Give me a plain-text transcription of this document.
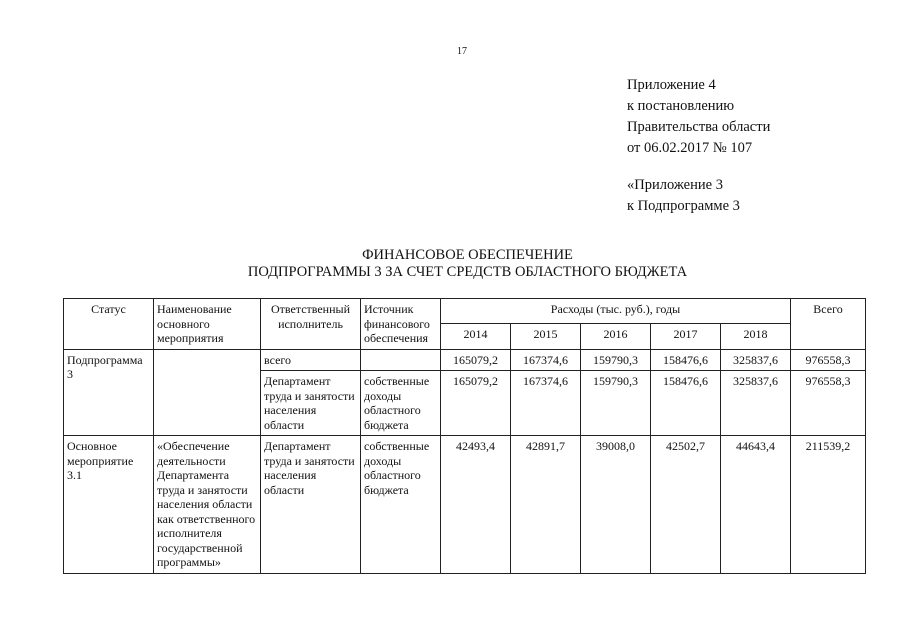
17
Приложение 4
к постановлению
Правительства области
от 06.02.2017 № 107
«Приложение 3
к Подпрограмме 3
ФИНАНСОВОЕ ОБЕСПЕЧЕНИЕ
ПОДПРОГРАММЫ 3 ЗА СЧЕТ СРЕДСТВ ОБЛАСТНОГО БЮДЖЕТА
Статус	Наименование основного мероприятия	Ответственный исполнитель	Источник финансового обеспечения	Расходы (тыс. руб.), годы					Всего
				2014	2015	2016	2017	2018	
Подпрограмма 3		всего		165079,2	167374,6	159790,3	158476,6	325837,6	976558,3
		Департамент труда и занятости населения области	собственные доходы областного бюджета	165079,2	167374,6	159790,3	158476,6	325837,6	976558,3
Основное мероприятие 3.1	«Обеспечение деятельности Департамента труда и занятости населения области как ответственного исполнителя государственной программы»	Департамент труда и занятости населения области	собственные доходы областного бюджета	42493,4	42891,7	39008,0	42502,7	44643,4	211539,2
